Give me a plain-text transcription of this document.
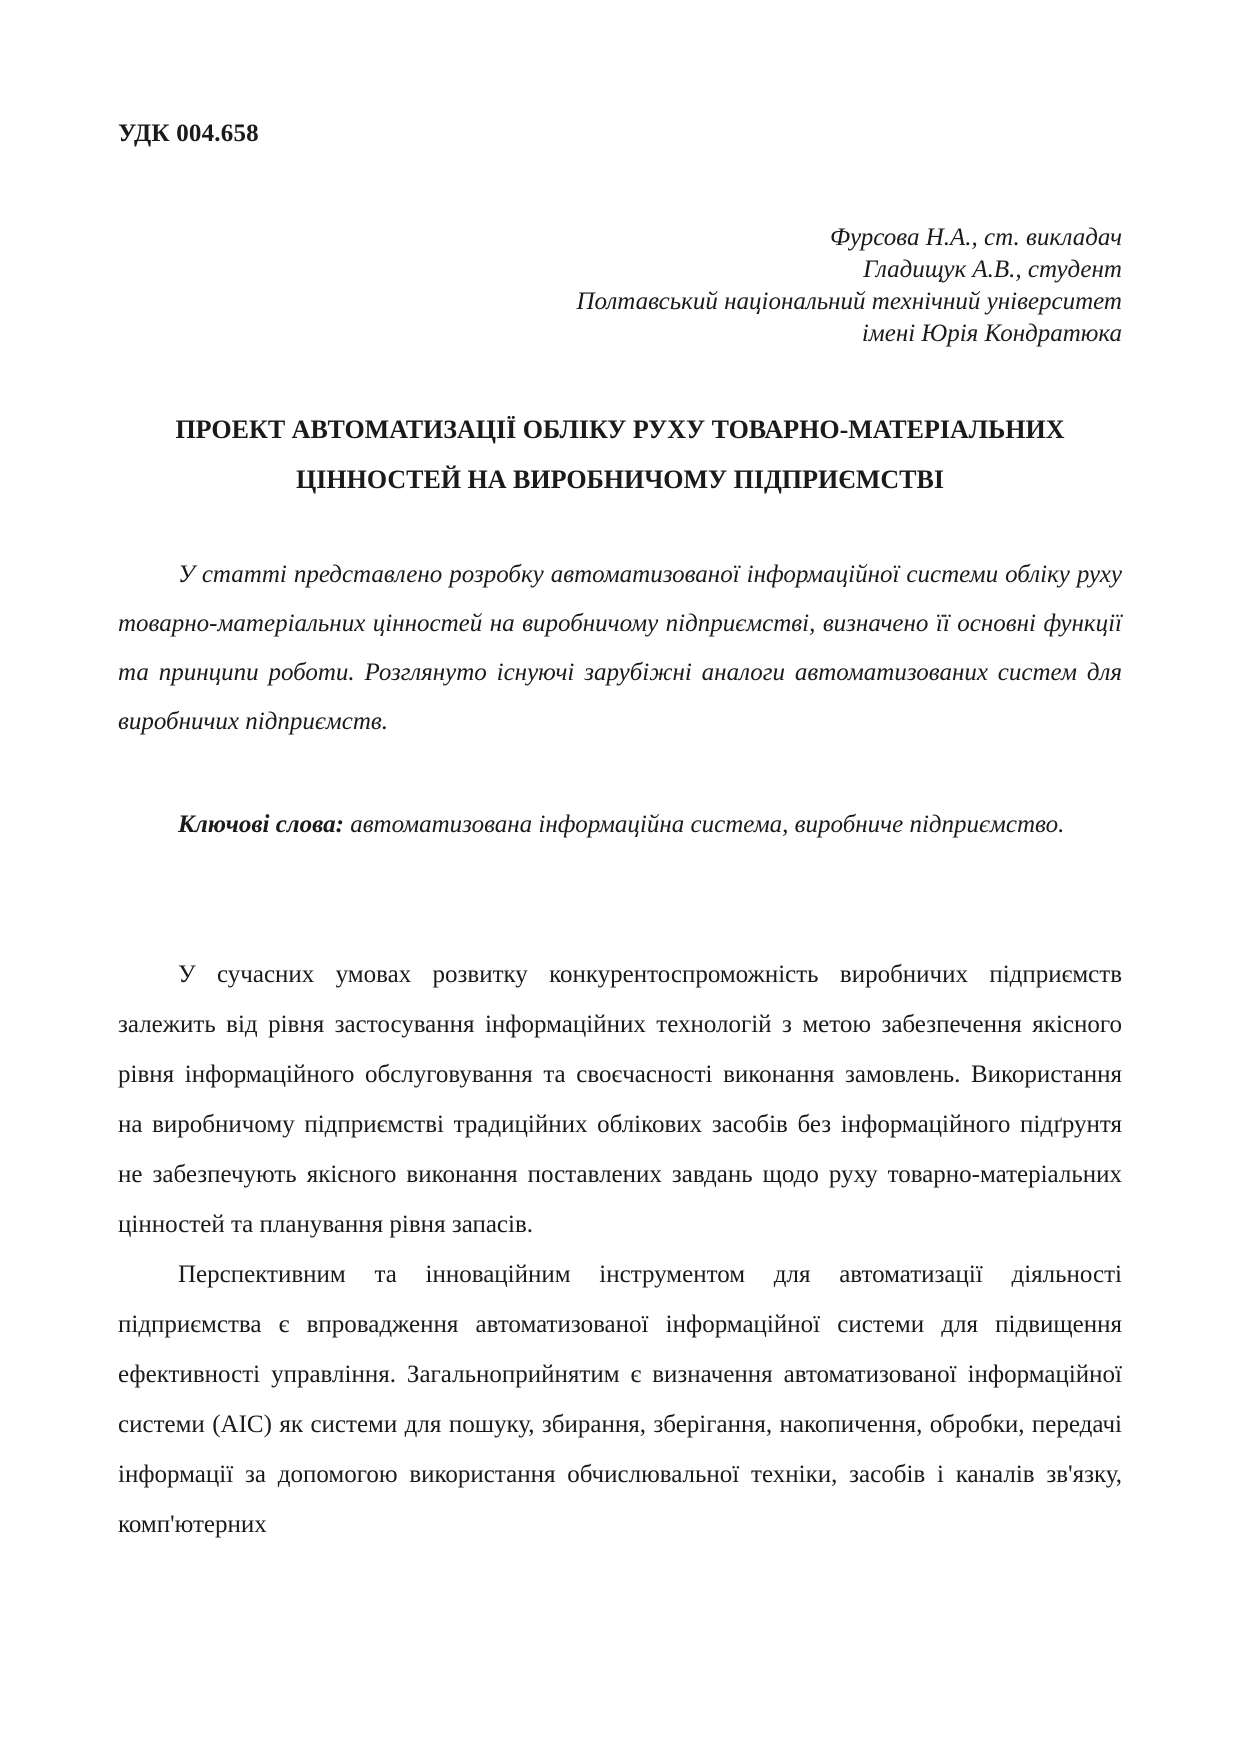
УДК 004.658
Фурсова Н.А., ст. викладач
Гладищук А.В., студент
Полтавський національний технічний університет
імені Юрія Кондратюка
ПРОЕКТ АВТОМАТИЗАЦІЇ ОБЛІКУ РУХУ ТОВАРНО-МАТЕРІАЛЬНИХ
ЦІННОСТЕЙ НА ВИРОБНИЧОМУ ПІДПРИЄМСТВІ

У статті представлено розробку автоматизованої інформаційної системи обліку руху товарно-матеріальних цінностей на виробничому підприємстві, визначено її основні функції та принципи роботи. Розглянуто існуючі зарубіжні аналоги автоматизованих систем для виробничих підприємств.

Ключові слова: автоматизована інформаційна система, виробниче підприємство.

У сучасних умовах розвитку конкурентоспроможність виробничих підприємств залежить від рівня застосування інформаційних технологій з метою забезпечення якісного рівня інформаційного обслуговування та своєчасності виконання замовлень. Використання на виробничому підприємстві традиційних облікових засобів без інформаційного підґрунтя не забезпечують якісного виконання поставлених завдань щодо руху товарно-матеріальних цінностей та планування рівня запасів.

Перспективним та інноваційним інструментом для автоматизації діяльності підприємства є впровадження автоматизованої інформаційної системи для підвищення ефективності управління. Загальноприйнятим є визначення автоматизованої інформаційної системи (АІС) як системи для пошуку, збирання, зберігання, накопичення, обробки, передачі інформації за допомогою використання обчислювальної техніки, засобів і каналів зв'язку, комп'ютерних
